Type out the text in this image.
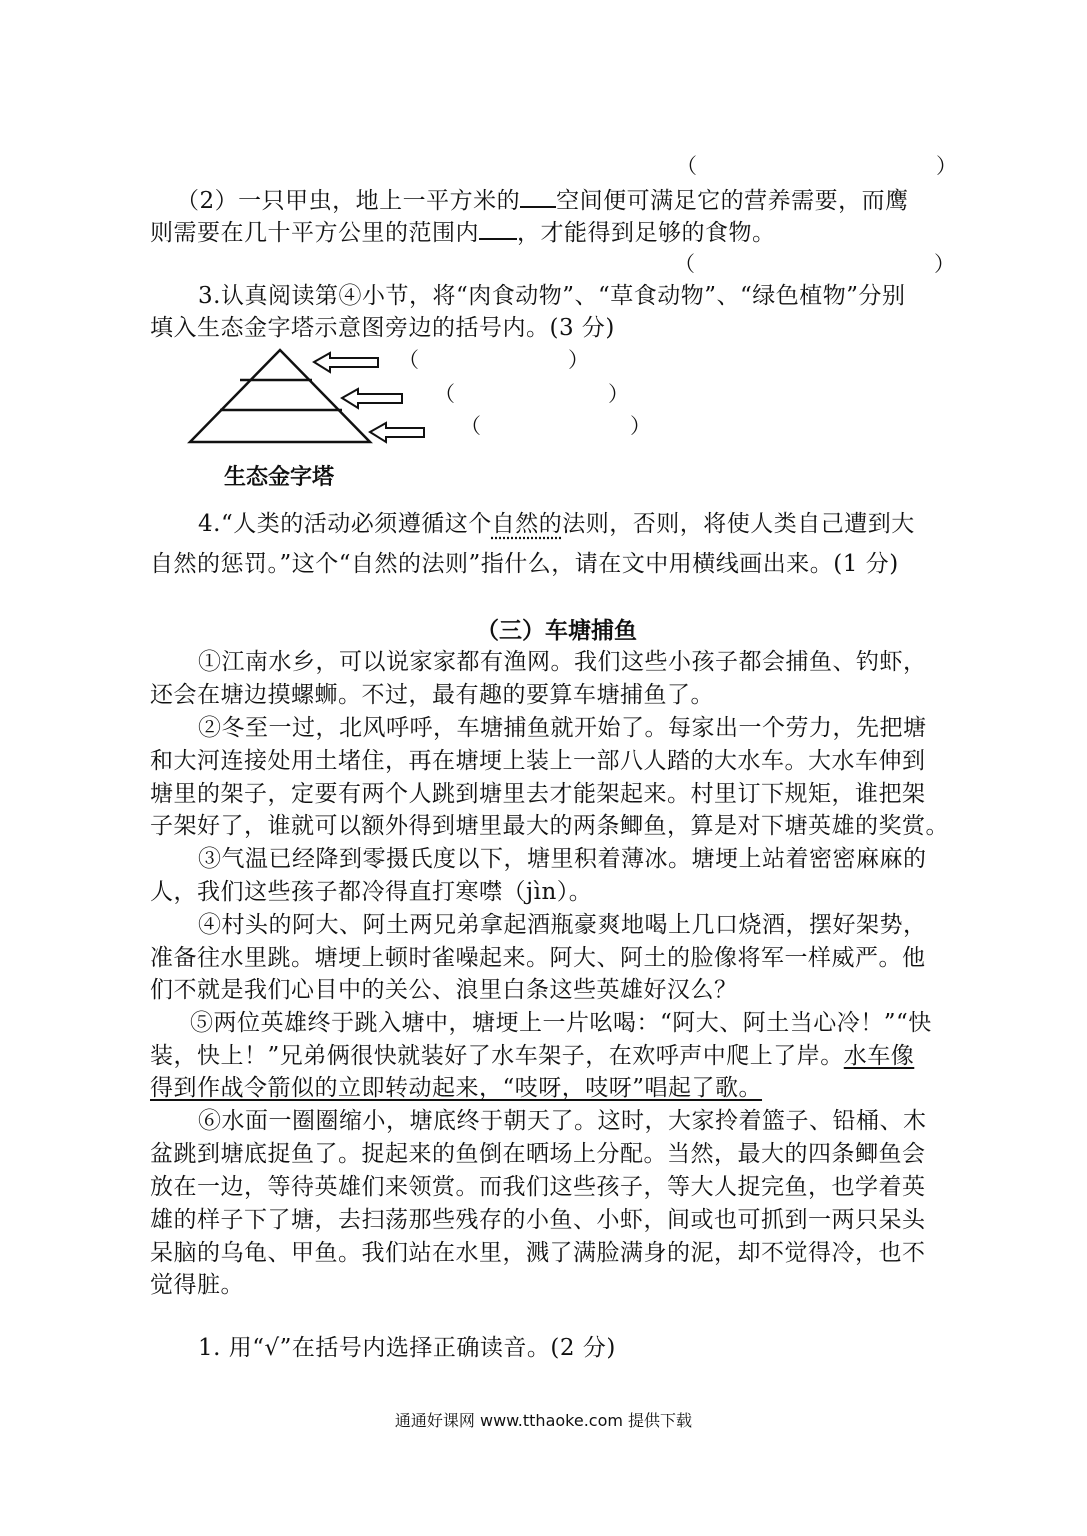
（	）
（2）一只甲虫，地上一平方米的 空间便可满足它的营养需要，而鹰
则需要在几十平方公里的范围内 ，才能得到足够的食物。
（	）
3.认真阅读第④小节，将“肉食动物”、“草食动物”、“绿色植物”分别
填入生态金字塔示意图旁边的括号内。(3 分)
（	）
（	）
（	）
生态金字塔
4.“人类的活动必须遵循这个自然的法则，否则，将使人类自己遭到大
自然的惩罚。”这个“自然的法则”指什么，请在文中用横线画出来。(1 分)
（三）车塘捕鱼
①江南水乡，可以说家家都有渔网。我们这些小孩子都会捕鱼、钓虾，
还会在塘边摸螺蛳。不过，最有趣的要算车塘捕鱼了。
②冬至一过，北风呼呼，车塘捕鱼就开始了。每家出一个劳力，先把塘
和大河连接处用土堵住，再在塘埂上装上一部八人踏的大水车。大水车伸到
塘里的架子，定要有两个人跳到塘里去才能架起来。村里订下规矩，谁把架
子架好了，谁就可以额外得到塘里最大的两条鲫鱼，算是对下塘英雄的奖赏。
③气温已经降到零摄氏度以下，塘里积着薄冰。塘埂上站着密密麻麻的
人，我们这些孩子都冷得直打寒噤（jìn）。
④村头的阿大、阿土两兄弟拿起酒瓶豪爽地喝上几口烧酒，摆好架势，
准备往水里跳。塘埂上顿时雀噪起来。阿大、阿土的脸像将军一样威严。他
们不就是我们心目中的关公、浪里白条这些英雄好汉么？
⑤两位英雄终于跳入塘中，塘埂上一片吆喝：“阿大、阿土当心冷！”“快
装，快上！”兄弟俩很快就装好了水车架子，在欢呼声中爬上了岸。水车像
得到作战令箭似的立即转动起来，“吱呀，吱呀”唱起了歌。
⑥水面一圈圈缩小，塘底终于朝天了。这时，大家拎着篮子、铅桶、木
盆跳到塘底捉鱼了。捉起来的鱼倒在晒场上分配。当然，最大的四条鲫鱼会
放在一边，等待英雄们来领赏。而我们这些孩子，等大人捉完鱼，也学着英
雄的样子下了塘，去扫荡那些残存的小鱼、小虾，间或也可抓到一两只呆头
呆脑的乌龟、甲鱼。我们站在水里，溅了满脸满身的泥，却不觉得冷，也不
觉得脏。
1. 用“√”在括号内选择正确读音。(2 分)
通通好课网 www.tthaoke.com 提供下载
